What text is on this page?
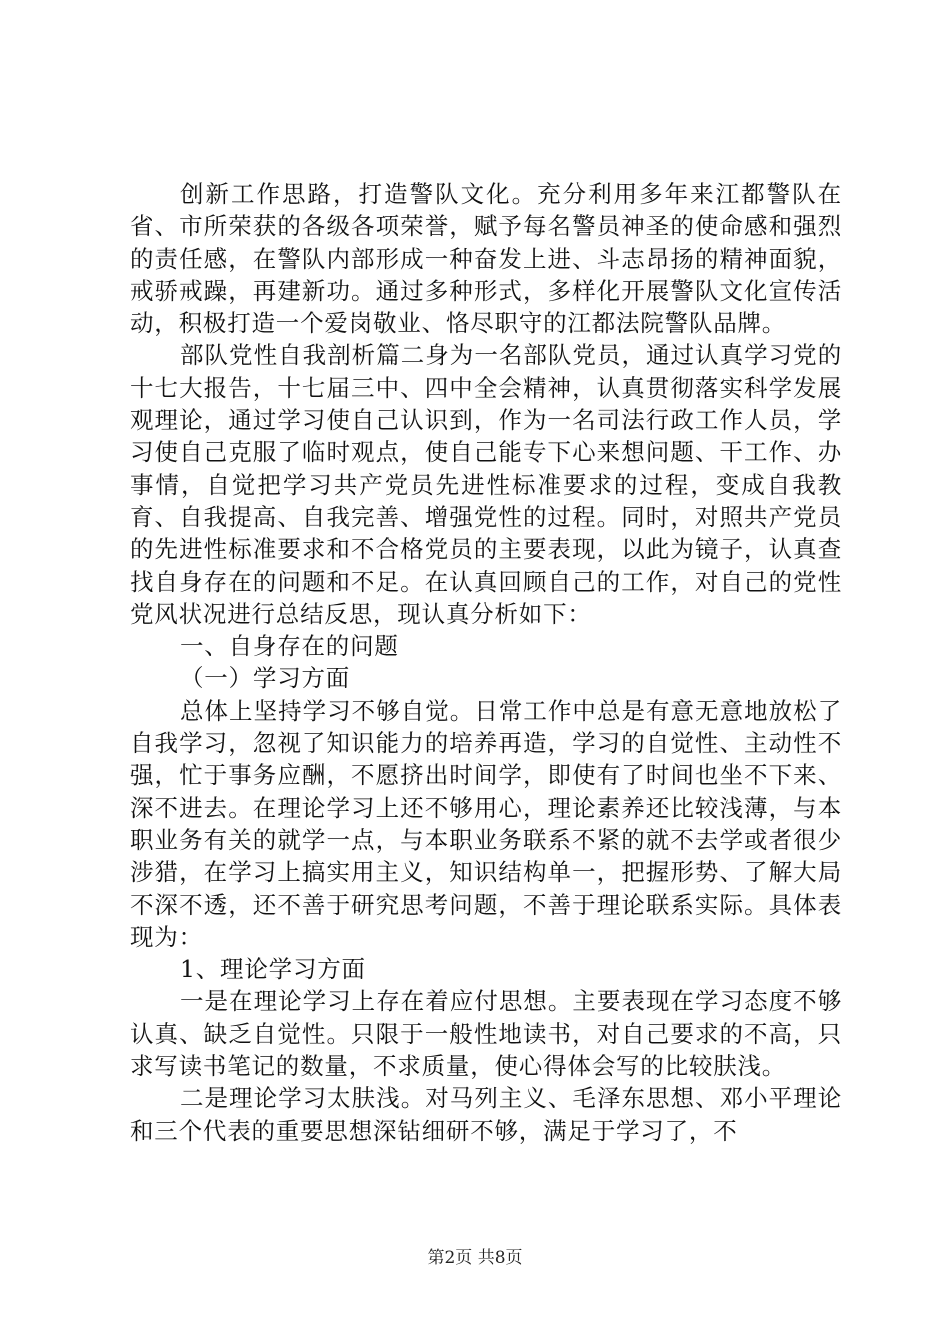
创新工作思路，打造警队文化。充分利用多年来江都警队在省、市所荣获的各级各项荣誉，赋予每名警员神圣的使命感和强烈的责任感，在警队内部形成一种奋发上进、斗志昂扬的精神面貌，戒骄戒躁，再建新功。通过多种形式，多样化开展警队文化宣传活动，积极打造一个爱岗敬业、恪尽职守的江都法院警队品牌。

部队党性自我剖析篇二身为一名部队党员，通过认真学习党的十七大报告，十七届三中、四中全会精神，认真贯彻落实科学发展观理论，通过学习使自己认识到，作为一名司法行政工作人员，学习使自己克服了临时观点，使自己能专下心来想问题、干工作、办事情，自觉把学习共产党员先进性标准要求的过程，变成自我教育、自我提高、自我完善、增强党性的过程。同时，对照共产党员的先进性标准要求和不合格党员的主要表现，以此为镜子，认真查找自身存在的问题和不足。在认真回顾自己的工作，对自己的党性党风状况进行总结反思，现认真分析如下：

一、自身存在的问题

（一）学习方面

总体上坚持学习不够自觉。日常工作中总是有意无意地放松了自我学习，忽视了知识能力的培养再造，学习的自觉性、主动性不强，忙于事务应酬，不愿挤出时间学，即使有了时间也坐不下来、深不进去。在理论学习上还不够用心，理论素养还比较浅薄，与本职业务有关的就学一点，与本职业务联系不紧的就不去学或者很少涉猎，在学习上搞实用主义，知识结构单一，把握形势、了解大局不深不透，还不善于研究思考问题，不善于理论联系实际。具体表现为：

1、理论学习方面

一是在理论学习上存在着应付思想。主要表现在学习态度不够认真、缺乏自觉性。只限于一般性地读书，对自己要求的不高，只求写读书笔记的数量，不求质量，使心得体会写的比较肤浅。

二是理论学习太肤浅。对马列主义、毛泽东思想、邓小平理论和三个代表的重要思想深钻细研不够，满足于学习了，不

第2页 共8页
